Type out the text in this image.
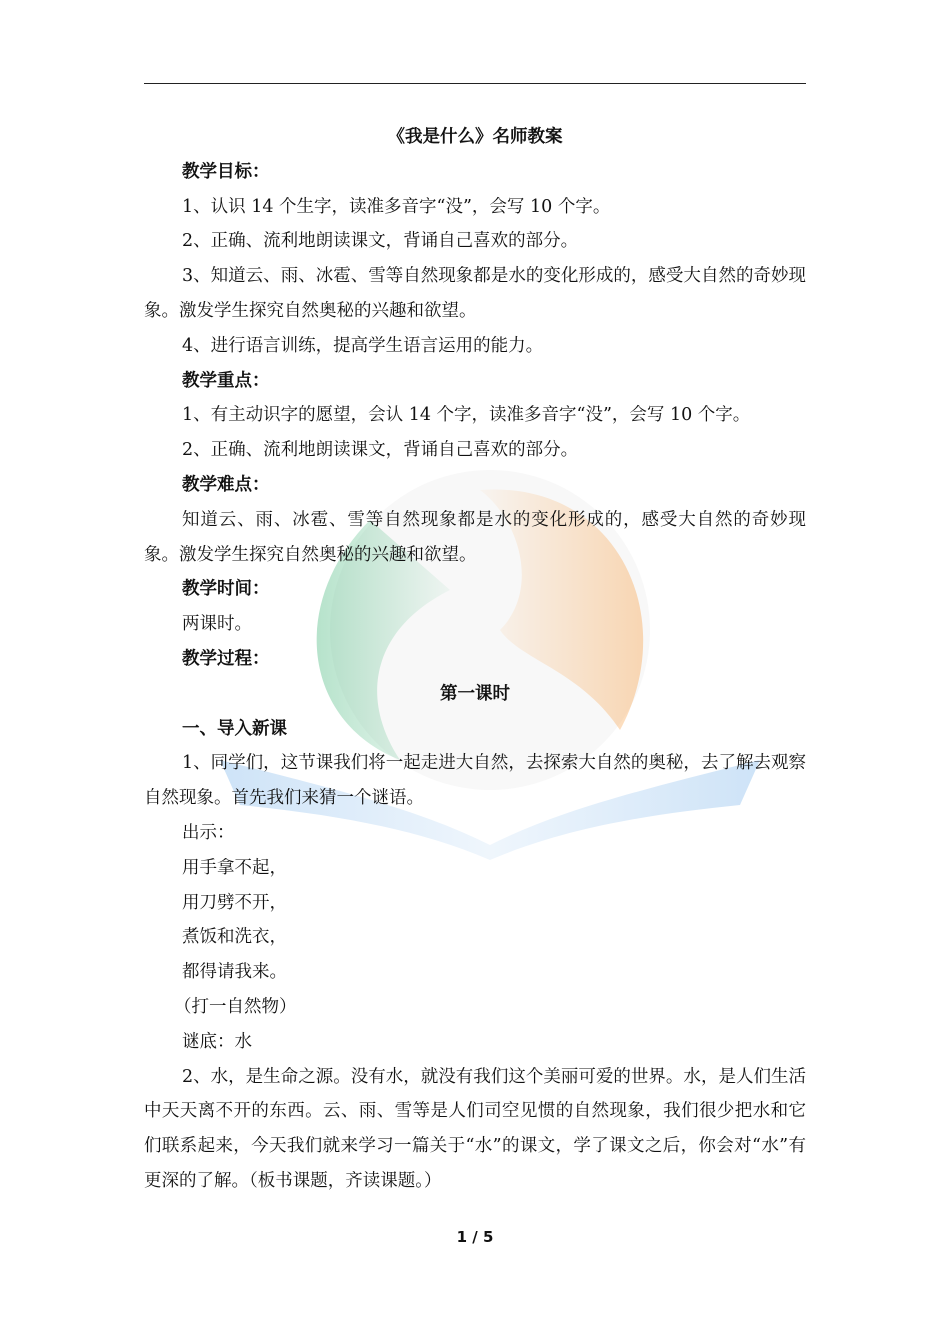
《我是什么》名师教案
教学目标：
1、认识 14 个生字，读准多音字“没”，会写 10 个字。
2、正确、流利地朗读课文，背诵自己喜欢的部分。
3、知道云、雨、冰雹、雪等自然现象都是水的变化形成的，感受大自然的奇妙现象。激发学生探究自然奥秘的兴趣和欲望。
4、进行语言训练，提高学生语言运用的能力。
教学重点：
1、有主动识字的愿望，会认 14 个字，读准多音字“没”，会写 10 个字。
2、正确、流利地朗读课文，背诵自己喜欢的部分。
教学难点：
知道云、雨、冰雹、雪等自然现象都是水的变化形成的，感受大自然的奇妙现象。激发学生探究自然奥秘的兴趣和欲望。
教学时间：
两课时。
教学过程：
第一课时
一、导入新课
1、同学们，这节课我们将一起走进大自然，去探索大自然的奥秘，去了解去观察自然现象。首先我们来猜一个谜语。
出示：
用手拿不起，
用刀劈不开，
煮饭和洗衣，
都得请我来。
（打一自然物）
谜底：水
2、水，是生命之源。没有水，就没有我们这个美丽可爱的世界。水，是人们生活中天天离不开的东西。云、雨、雪等是人们司空见惯的自然现象，我们很少把水和它们联系起来，今天我们就来学习一篇关于“水”的课文，学了课文之后，你会对“水”有更深的了解。（板书课题，齐读课题。）
1 / 5
